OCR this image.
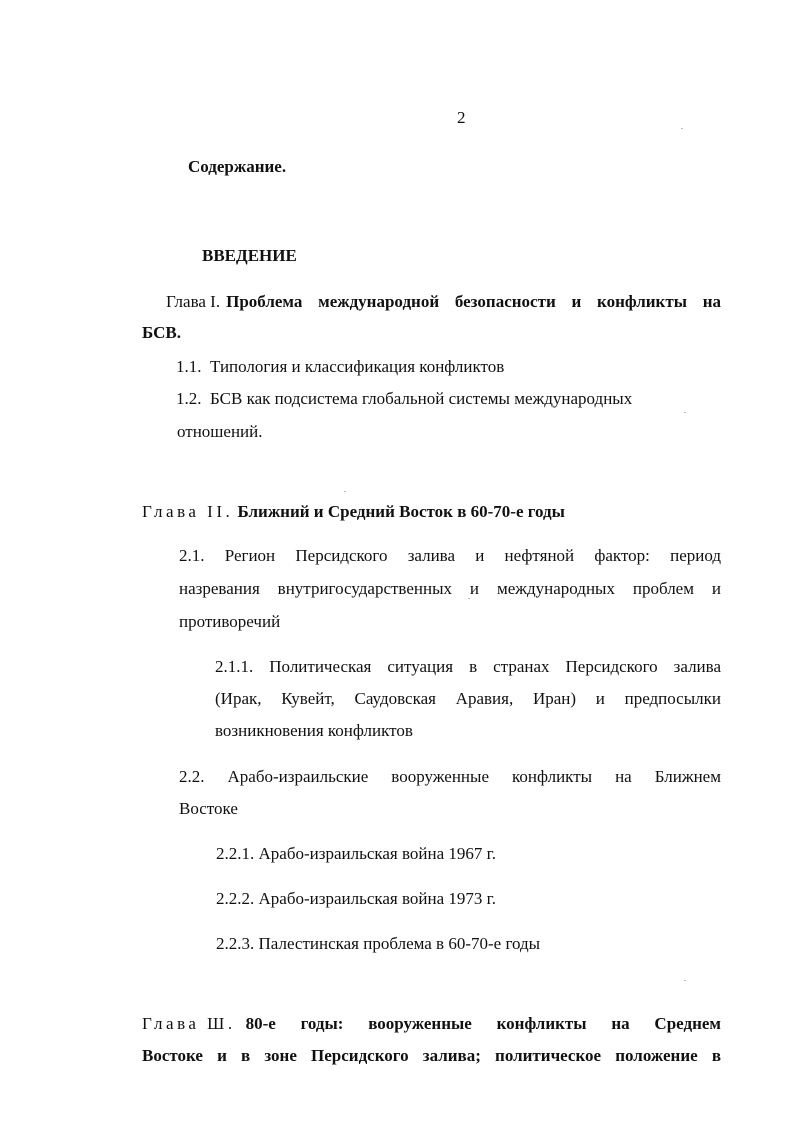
2
Содержание.
ВВЕДЕНИЕ
Глава I. Проблема международной безопасности и конфликты на
БСВ.
1.1. Типология и классификация конфликтов
1.2. БСВ как подсистема глобальной системы международных
отношений.
Глава II. Ближний и Средний Восток в 60-70-е годы
2.1. Регион Персидского залива и нефтяной фактор: период
назревания внутригосударственных и международных проблем и
противоречий
2.1.1. Политическая ситуация в странах Персидского залива
(Ирак, Кувейт, Саудовская Аравия, Иран) и предпосылки
возникновения конфликтов
2.2. Арабо-израильские вооруженные конфликты на Ближнем
Востоке
2.2.1. Арабо-израильская война 1967 г.
2.2.2. Арабо-израильская война 1973 г.
2.2.3. Палестинская проблема в 60-70-е годы
Глава Ш. 80-е годы: вооруженные конфликты на Среднем
Востоке и в зоне Персидского залива; политическое положение в
